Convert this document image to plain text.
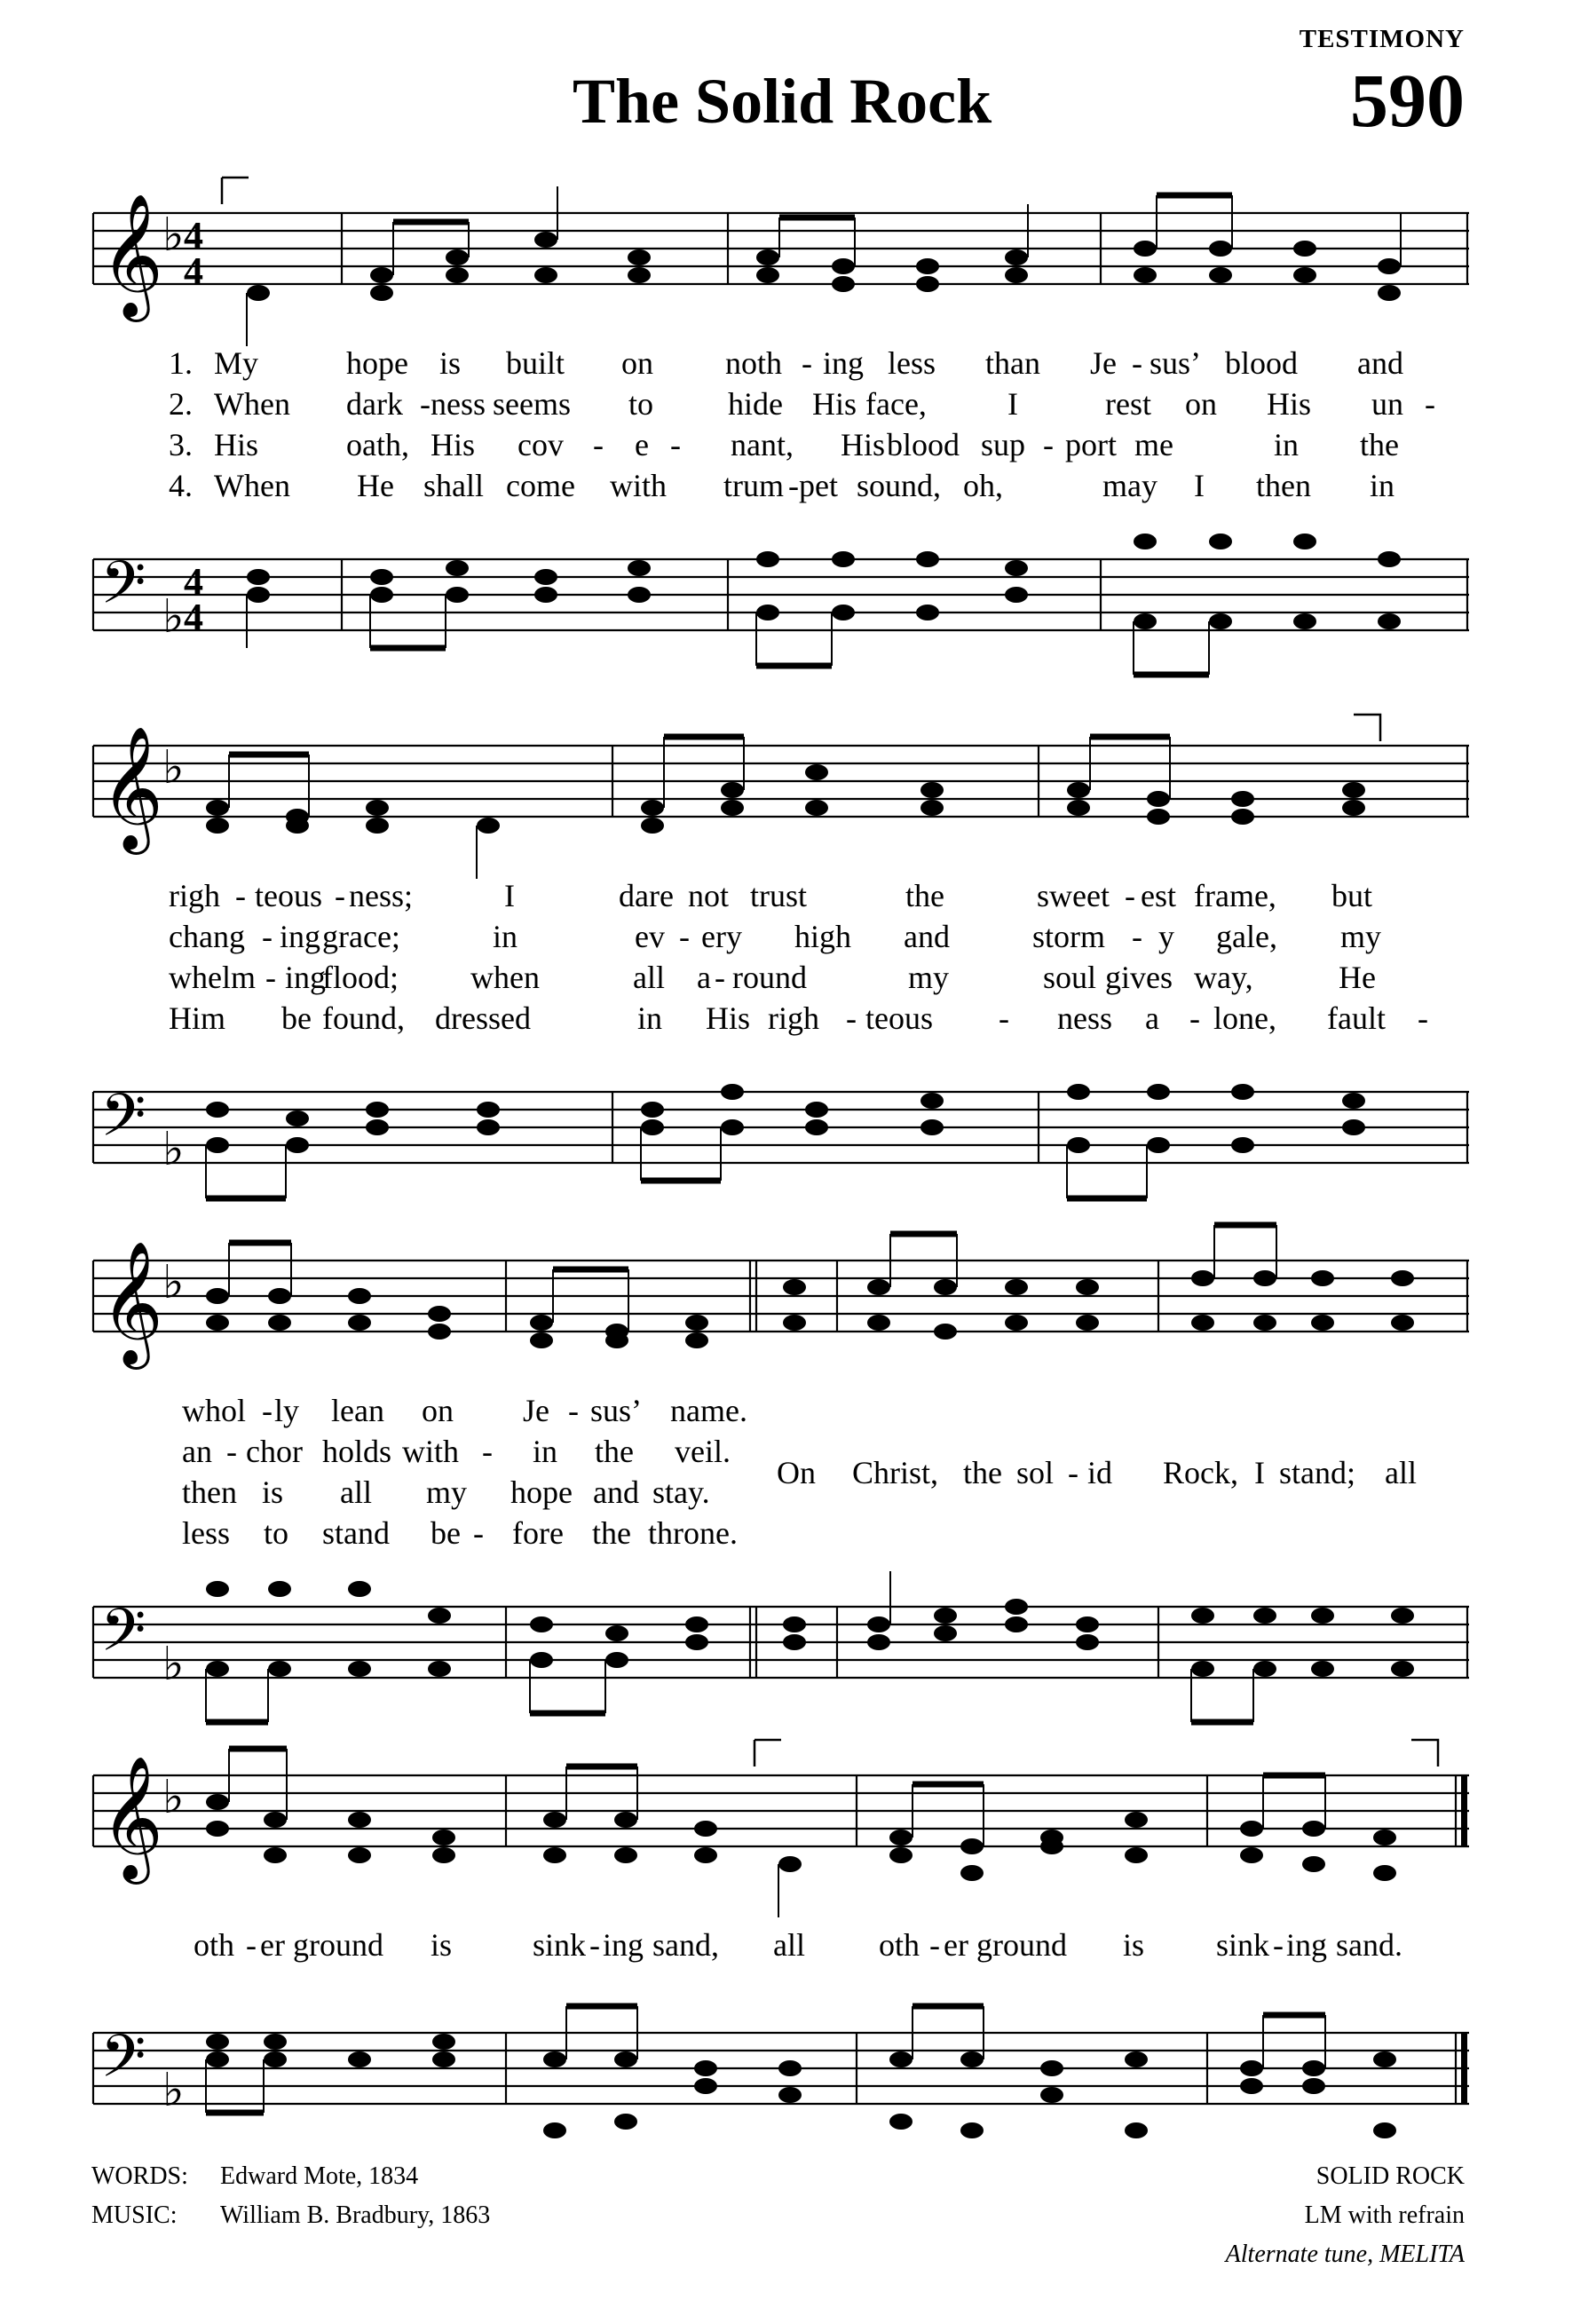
TESTIMONY
The Solid Rock	590
𝄞 ♭ 4
4
1. My	hope is built on noth - ing less than Je - sus’ blood and
2. When dark - ness seems to hide His face,	I	rest on His un -
3. His	oath, His cov - e - nant, His blood sup - port me	in the
4. When He shall come with trum - pet sound, oh,	may I then in
𝄢 ♭
4
4
𝄞 ♭
righ - teous - ness;	I	dare not trust	the	sweet - est frame, but
chang - ing grace;	in	ev - ery high and	storm - y gale, my
whelm - ing
flood; when	all a - round	my	soul gives way,	He
Him be found, dressed	in His righ - teous - ness a - lone, fault -
𝄢 ♭
𝄞 ♭
whol - ly lean on Je - sus’ name.
an - chor holds with - in the veil.
then is all my hope and stay.
less to stand be - fore the throne.
On Christ, the sol - id Rock, I stand; all
𝄢 ♭
𝄞 ♭
oth - er ground is	sink - ing sand, all oth - er ground is sink - ing sand.
𝄢 ♭
WORDS:	Edward Mote, 1834
MUSIC:	William B. Bradbury, 1863
SOLID ROCK
LM with refrain
Alternate tune, MELITA
